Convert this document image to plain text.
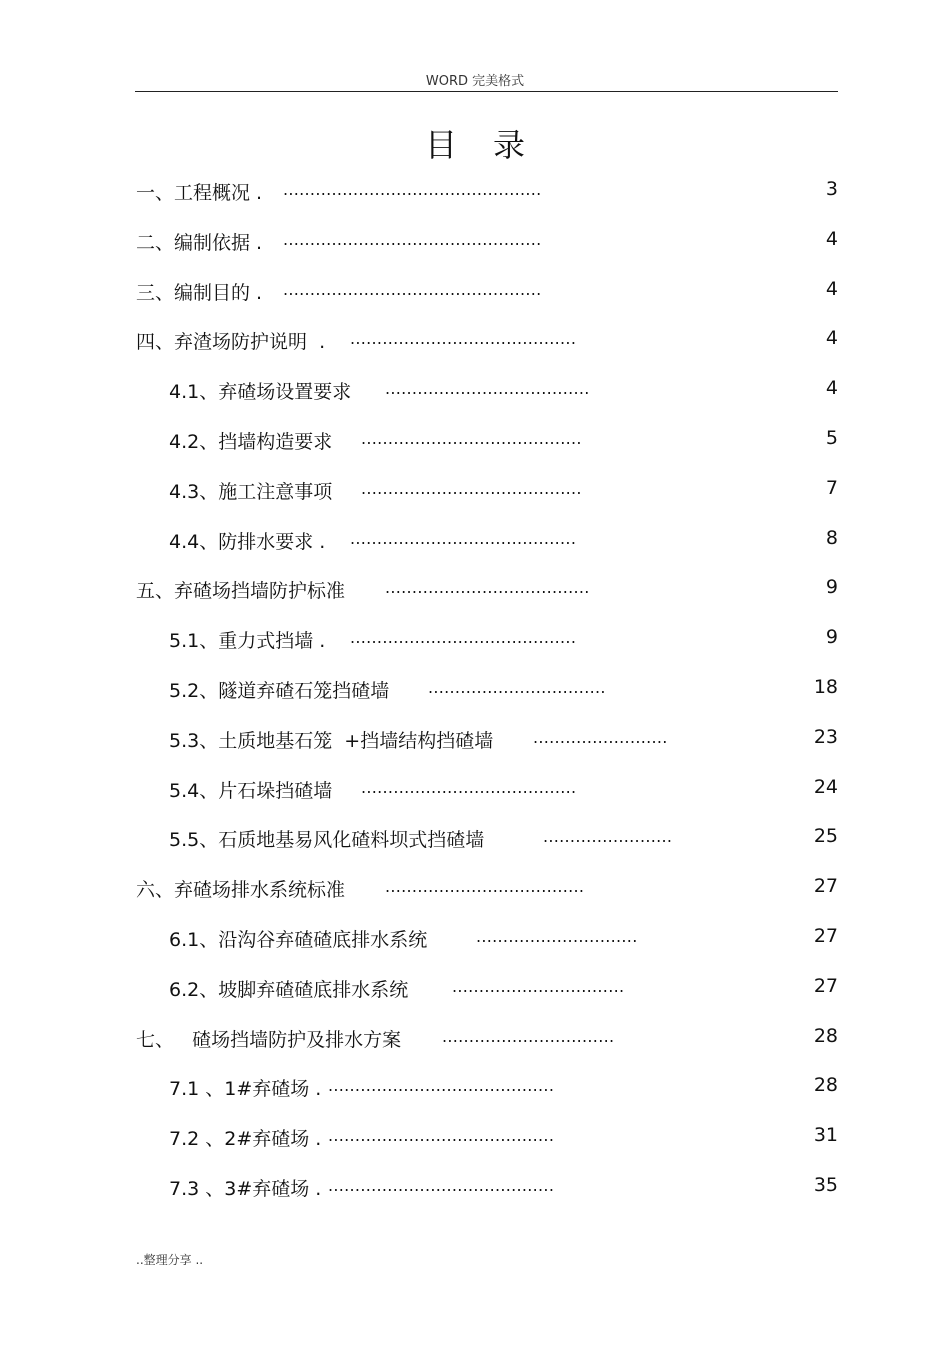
WORD 完美格式
目录
一、工程概况 . ................................................	3
二、编制依据 . ................................................	4
三、编制目的 . ................................................	4
四、弃渣场防护说明  . ..........................................	4
4.1、弃碴场设置要求 ......................................	4
4.2、挡墙构造要求 .........................................	5
4.3、施工注意事项 .........................................	7
4.4、防排水要求 . ..........................................	8
五、弃碴场挡墙防护标准 ......................................	9
5.1、重力式挡墙 . ..........................................	9
5.2、隧道弃碴石笼挡碴墙 .................................	18
5.3、土质地基石笼  +挡墙结构挡碴墙 .........................	23
5.4、片石垛挡碴墙 ........................................	24
5.5、石质地基易风化碴料坝式挡碴墙	........................	25
六、弃碴场排水系统标准 .....................................	27
6.1、沿沟谷弃碴碴底排水系统	..............................	27
6.2、坡脚弃碴碴底排水系统	................................	27
七、   碴场挡墙防护及排水方案	................................	28
7.1 、1#弃碴场 . ..........................................	28
7.2 、2#弃碴场 . ..........................................	31
7.3 、3#弃碴场 . ..........................................	35
..整理分享 ..
